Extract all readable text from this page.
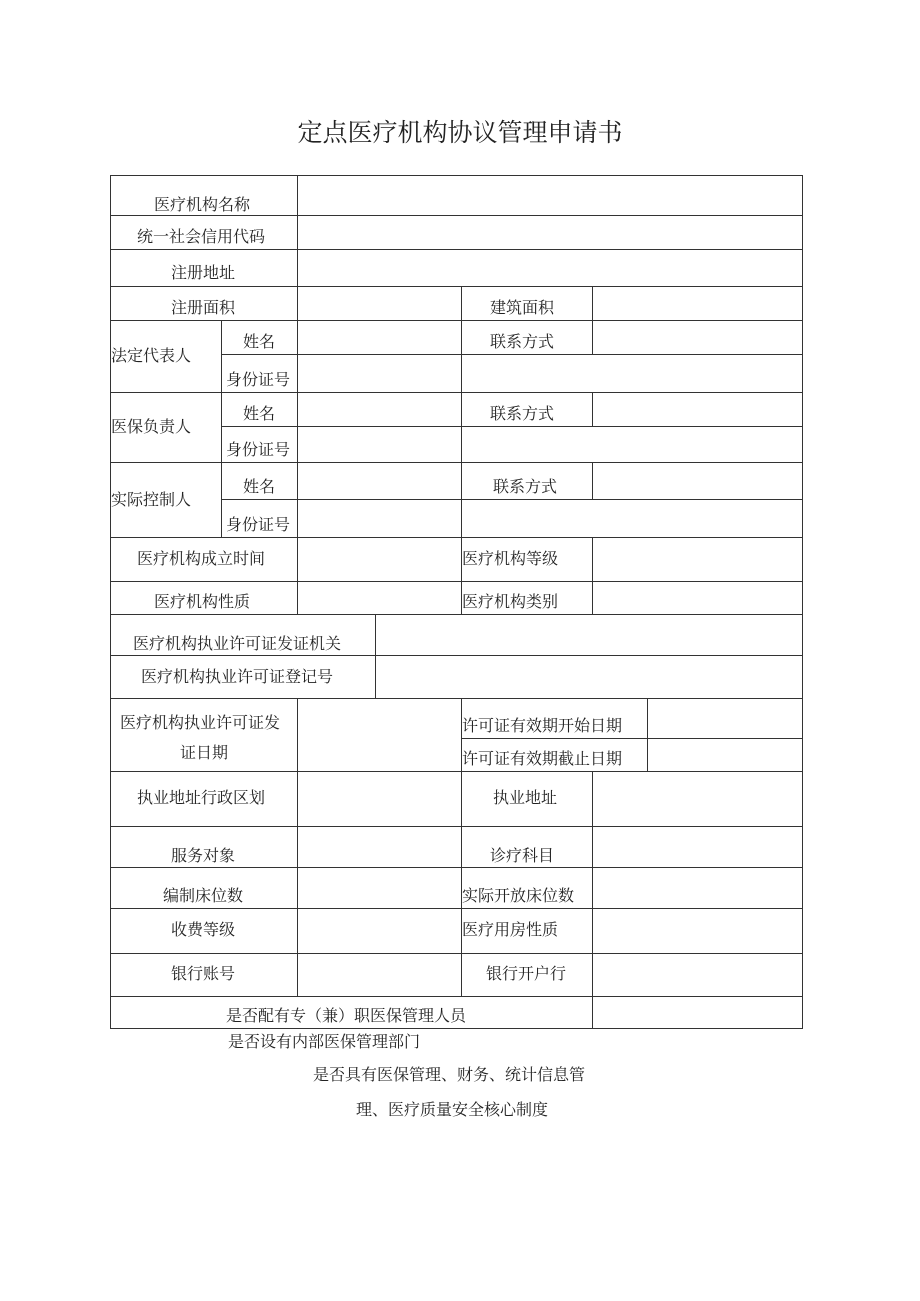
定点医疗机构协议管理申请书
医疗机构名称
统一社会信用代码
注册地址
注册面积	建筑面积
法定代表人
姓名	联系方式
身份证号
医保负责人
姓名	联系方式
身份证号
实际控制人
姓名	联系方式
身份证号
医疗机构成立时间	医疗机构等级
医疗机构性质	医疗机构类别
医疗机构执业许可证发证机关
医疗机构执业许可证登记号
医疗机构执业许可证发
证日期
许可证有效期开始日期
许可证有效期截止日期
执业地址行政区划	执业地址
服务对象	诊疗科目
编制床位数	实际开放床位数
收费等级	医疗用房性质
银行账号	银行开户行
是否配有专（兼）职医保管理人员
是否设有内部医保管理部门
是否具有医保管理、财务、统计信息管
理、医疗质量安全核心制度
